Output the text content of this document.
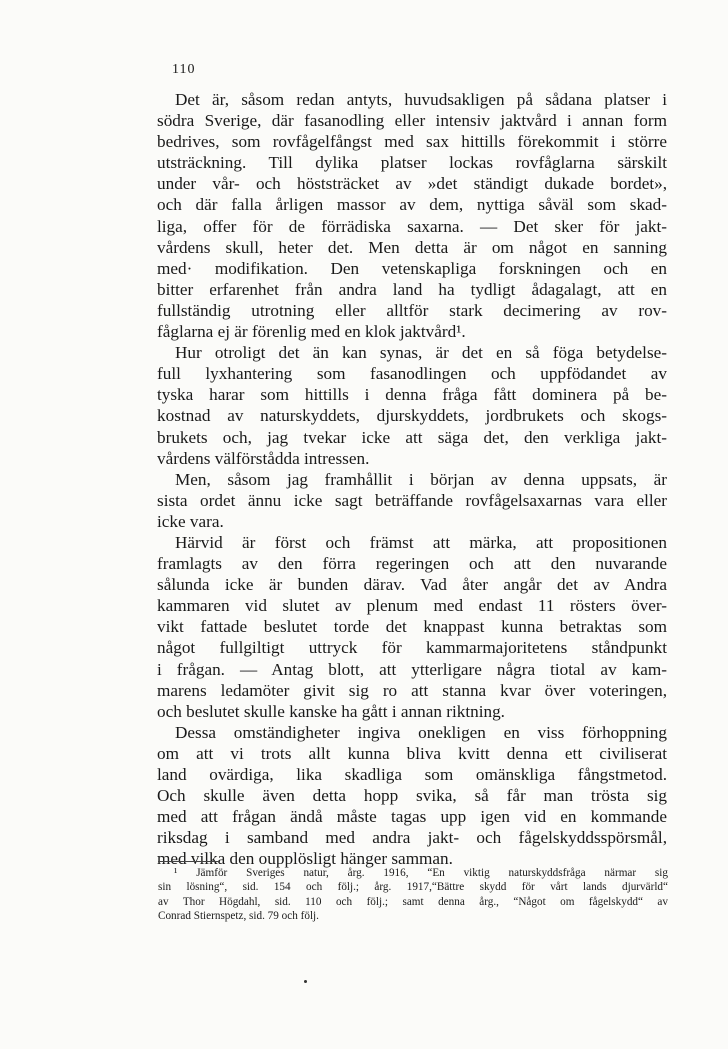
110
Det är, såsom redan antyts, huvudsakligen på sådana platser i
södra Sverige, där fasanodling eller intensiv jaktvård i annan form
bedrives, som rovfågelfångst med sax hittills förekommit i större
utsträckning. Till dylika platser lockas rovfåglarna särskilt
under vår- och höststräcket av »det ständigt dukade bordet»,
och där falla årligen massor av dem, nyttiga såväl som skad-
liga, offer för de förrädiska saxarna. — Det sker för jakt-
vårdens skull, heter det. Men detta är om något en sanning
med· modifikation. Den vetenskapliga forskningen och en
bitter erfarenhet från andra land ha tydligt ådagalagt, att en
fullständig utrotning eller alltför stark decimering av rov-
fåglarna ej är förenlig med en klok jaktvård¹.
Hur otroligt det än kan synas, är det en så föga betydelse-
full lyxhantering som fasanodlingen och uppfödandet av
tyska harar som hittills i denna fråga fått dominera på be-
kostnad av naturskyddets, djurskyddets, jordbrukets och skogs-
brukets och, jag tvekar icke att säga det, den verkliga jakt-
vårdens välförstådda intressen.
Men, såsom jag framhållit i början av denna uppsats, är
sista ordet ännu icke sagt beträffande rovfågelsaxarnas vara eller
icke vara.
Härvid är först och främst att märka, att propositionen
framlagts av den förra regeringen och att den nuvarande
sålunda icke är bunden därav. Vad åter angår det av Andra
kammaren vid slutet av plenum med endast 11 rösters över-
vikt fattade beslutet torde det knappast kunna betraktas som
något fullgiltigt uttryck för kammarmajoritetens ståndpunkt
i frågan. — Antag blott, att ytterligare några tiotal av kam-
marens ledamöter givit sig ro att stanna kvar över voteringen,
och beslutet skulle kanske ha gått i annan riktning.
Dessa omständigheter ingiva onekligen en viss förhoppning
om att vi trots allt kunna bliva kvitt denna ett civiliserat
land ovärdiga, lika skadliga som omänskliga fångstmetod.
Och skulle även detta hopp svika, så får man trösta sig
med att frågan ändå måste tagas upp igen vid en kommande
riksdag i samband med andra jakt- och fågelskyddsspörsmål,
med vilka den oupplösligt hänger samman.
¹ Jämför Sveriges natur, årg. 1916, “En viktig naturskyddsfråga närmar sig
sin lösning“, sid. 154 och följ.; årg. 1917,“Bättre skydd för vårt lands djurvärld“
av Thor Högdahl, sid. 110 och följ.; samt denna årg., “Något om fågelskydd“ av
Conrad Stiernspetz, sid. 79 och följ.
